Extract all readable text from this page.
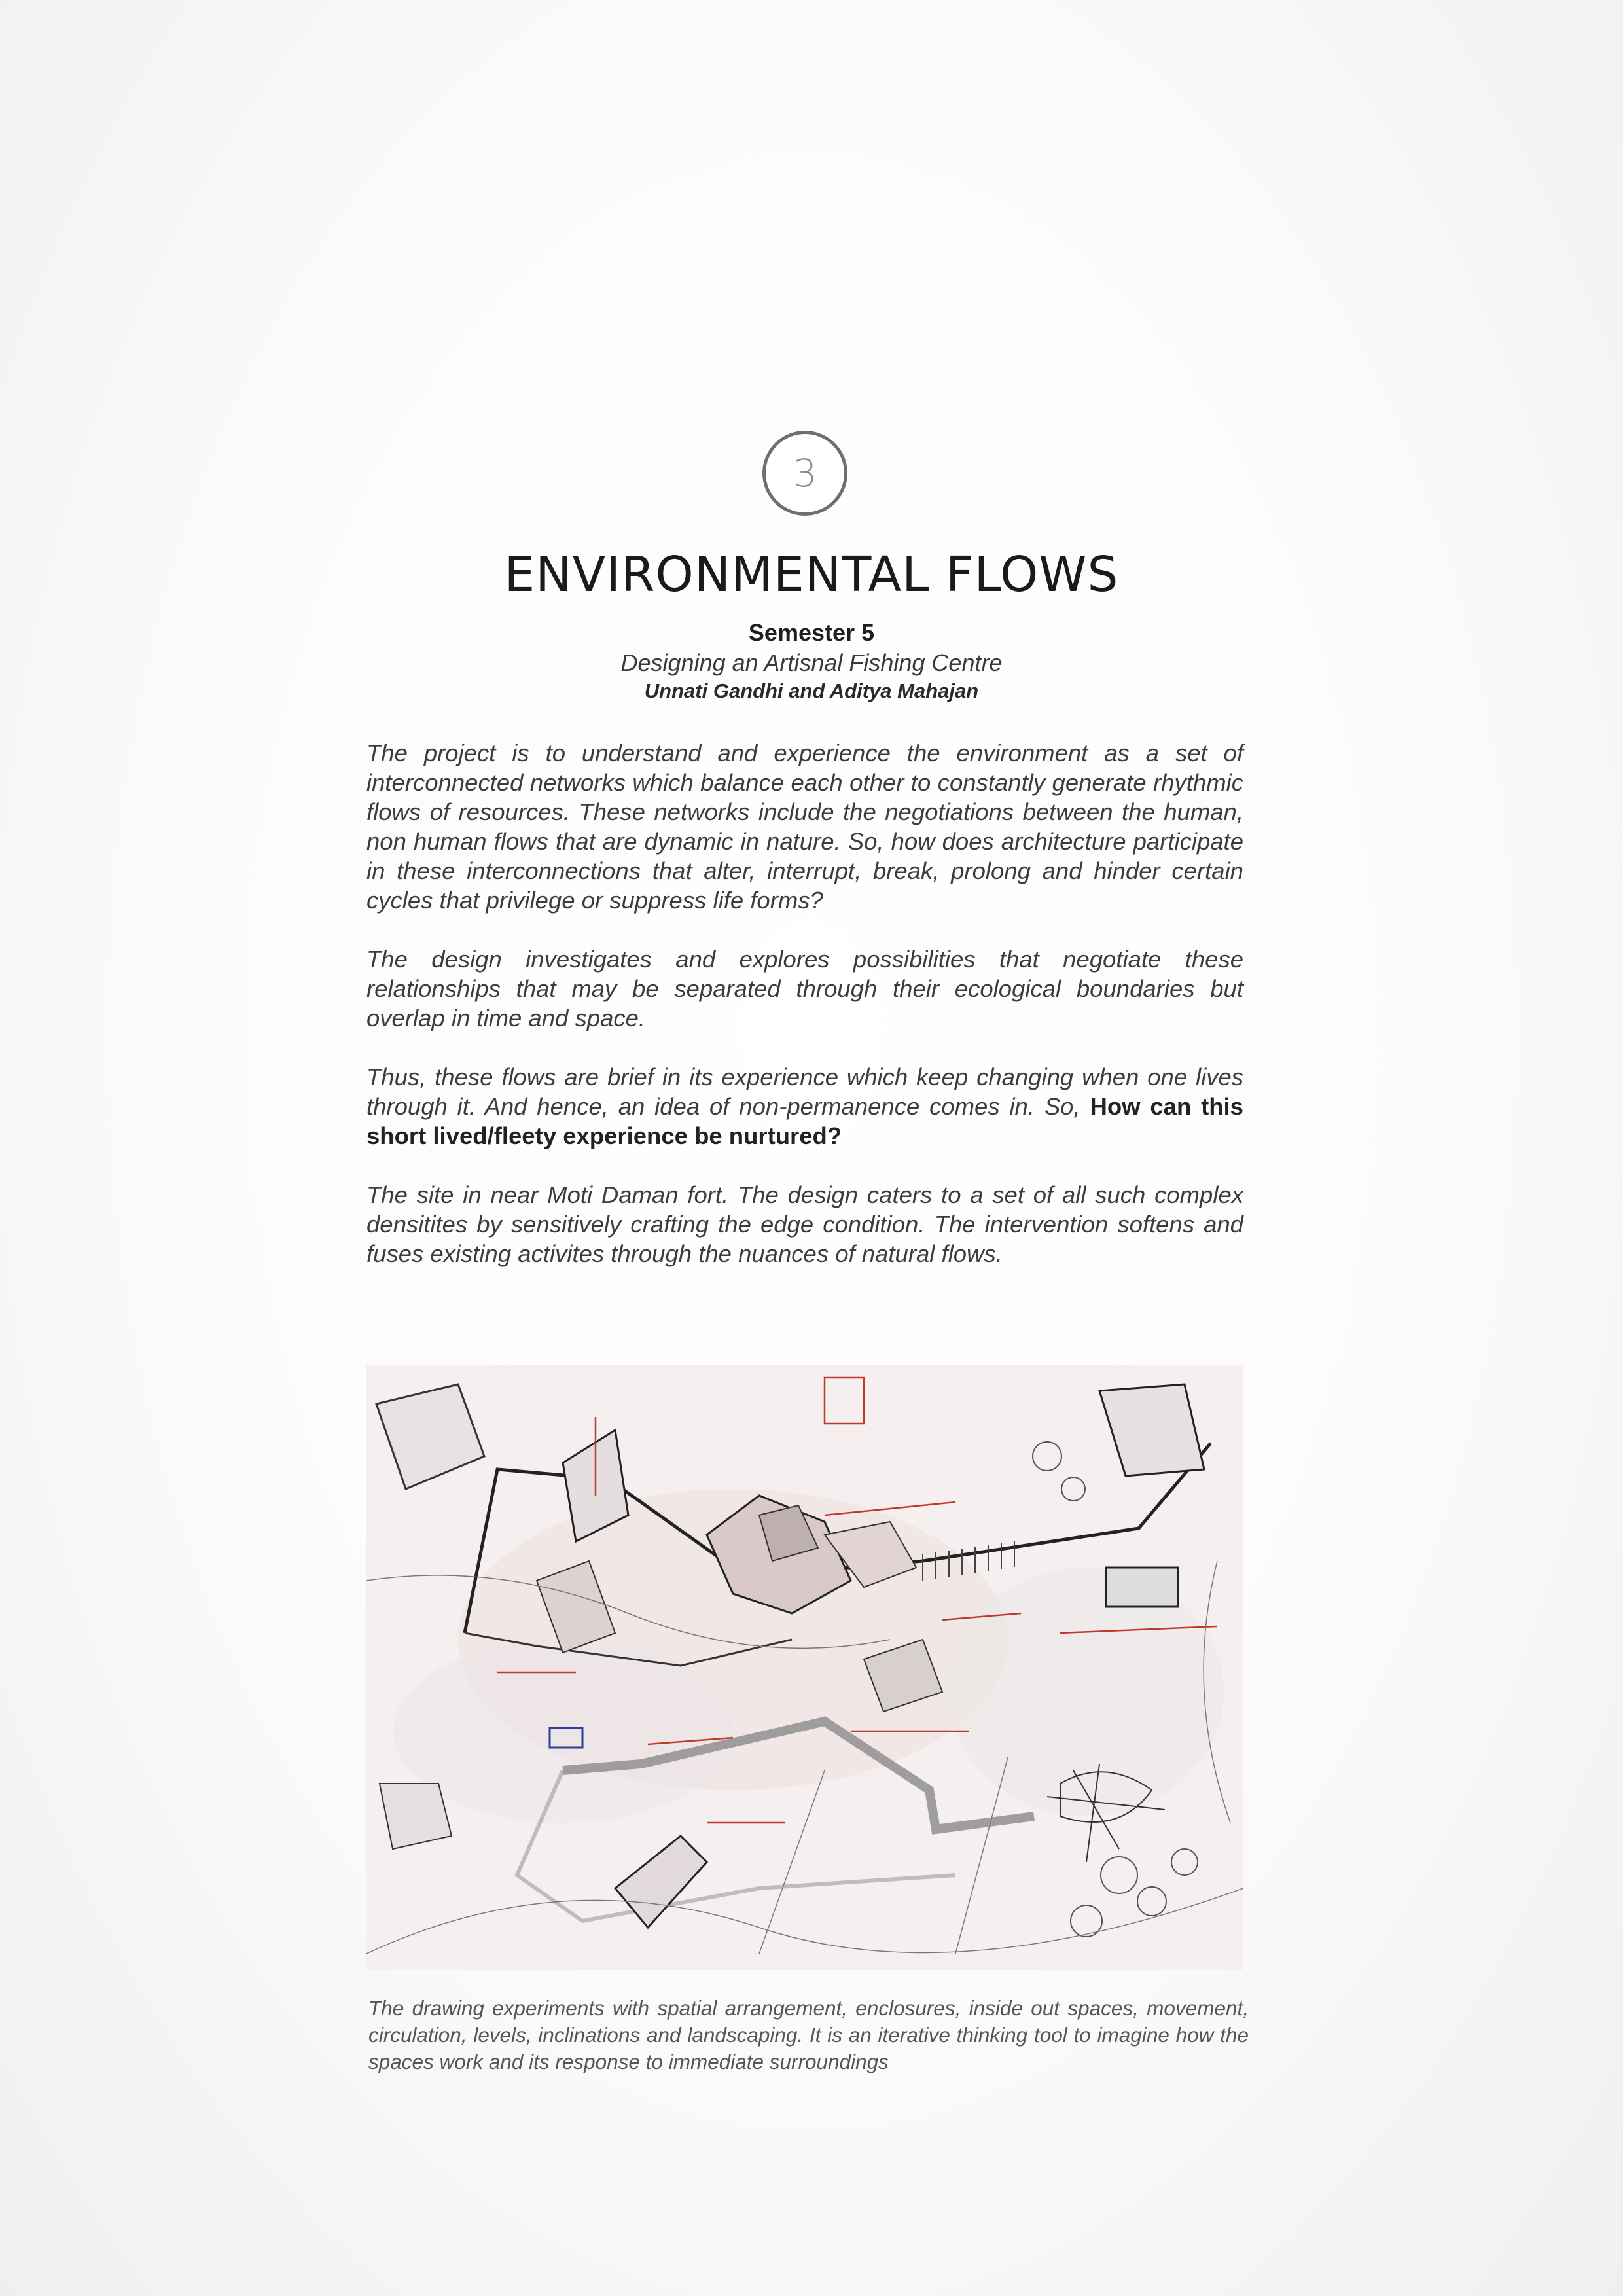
3
ENVIRONMENTAL FLOWS
Semester 5
Designing an Artisnal Fishing Centre
Unnati Gandhi and Aditya Mahajan

The project is to understand and experience the environment as a set of interconnected networks which balance each other to constantly generate rhythmic flows of resources. These networks include the negotiations between the human, non human flows that are dynamic in nature. So, how does architecture participate in these interconnections that alter, interrupt, break, prolong and hinder certain cycles that privilege or suppress life forms?

The design investigates and explores possibilities that negotiate these relationships that may be separated through their ecological boundaries but overlap in time and space.

Thus, these flows are brief in its experience which keep changing when one lives through it. And hence, an idea of non-permanence comes in. So, How can this short lived/fleety experience be nurtured?

The site in near Moti Daman fort. The design caters to a set of all such complex densitites by sensitively crafting the edge condition. The intervention softens and fuses existing activites through the nuances of natural flows.

The drawing experiments with spatial arrangement, enclosures, inside out spaces, movement, circulation, levels, inclinations and landscaping. It is an iterative thinking tool to imagine how the spaces work and its response to immediate surroundings
